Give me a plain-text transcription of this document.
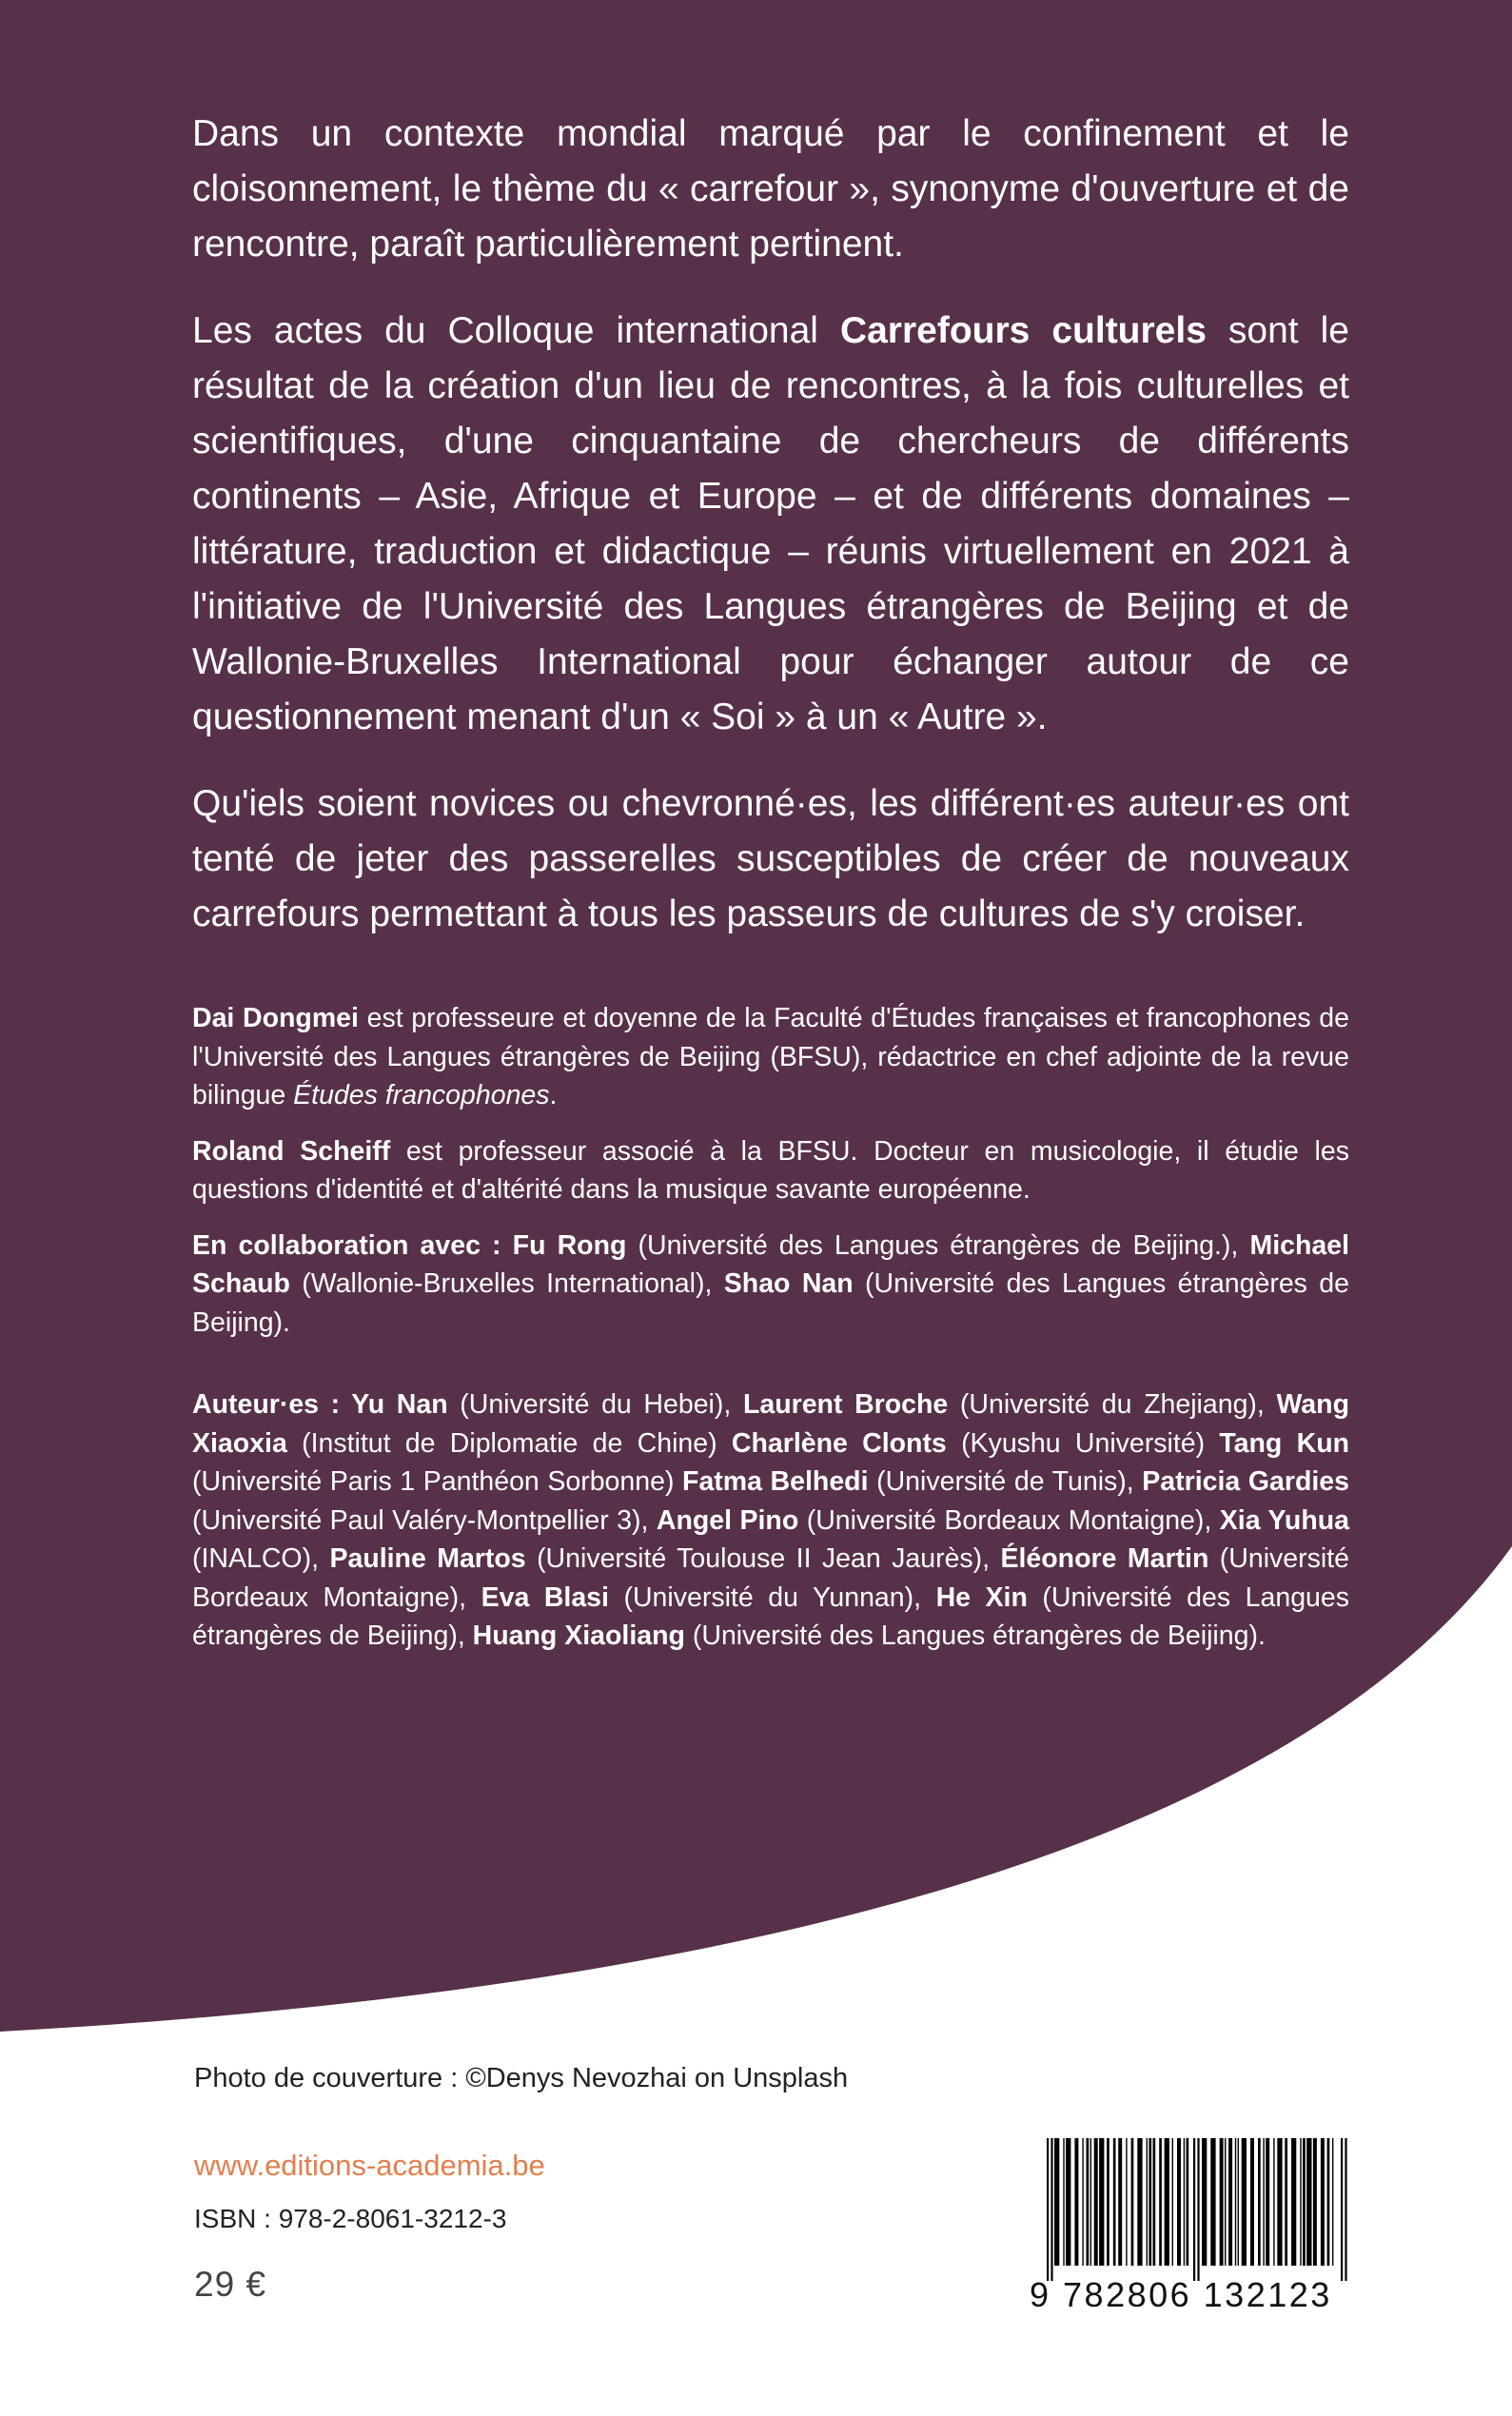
Dans un contexte mondial marqué par le confinement et le cloisonnement, le thème du « carrefour », synonyme d'ouverture et de rencontre, paraît particulièrement pertinent.

Les actes du Colloque international Carrefours culturels sont le résultat de la création d'un lieu de rencontres, à la fois culturelles et scientifiques, d'une cinquantaine de chercheurs de différents continents – Asie, Afrique et Europe – et de différents domaines – littérature, traduction et didactique – réunis virtuellement en 2021 à l'initiative de l'Université des Langues étrangères de Beijing et de Wallonie-Bruxelles International pour échanger autour de ce questionnement menant d'un « Soi » à un « Autre ».

Qu'iels soient novices ou chevronné·es, les différent·es auteur·es ont tenté de jeter des passerelles susceptibles de créer de nouveaux carrefours permettant à tous les passeurs de cultures de s'y croiser.

Dai Dongmei est professeure et doyenne de la Faculté d'Études françaises et francophones de l'Université des Langues étrangères de Beijing (BFSU), rédactrice en chef adjointe de la revue bilingue Études francophones.

Roland Scheiff est professeur associé à la BFSU. Docteur en musicologie, il étudie les questions d'identité et d'altérité dans la musique savante européenne.

En collaboration avec : Fu Rong (Université des Langues étrangères de Beijing.), Michael Schaub (Wallonie-Bruxelles International), Shao Nan (Université des Langues étrangères de Beijing).

Auteur·es : Yu Nan (Université du Hebei), Laurent Broche (Université du Zhejiang), Wang Xiaoxia (Institut de Diplomatie de Chine) Charlène Clonts (Kyushu Université) Tang Kun (Université Paris 1 Panthéon Sorbonne) Fatma Belhedi (Université de Tunis), Patricia Gardies (Université Paul Valéry-Montpellier 3), Angel Pino (Université Bordeaux Montaigne), Xia Yuhua (INALCO), Pauline Martos (Université Toulouse II Jean Jaurès), Éléonore Martin (Université Bordeaux Montaigne), Eva Blasi (Université du Yunnan), He Xin (Université des Langues étrangères de Beijing), Huang Xiaoliang (Université des Langues étrangères de Beijing).

Photo de couverture : ©Denys Nevozhai on Unsplash
www.editions-academia.be
ISBN : 978-2-8061-3212-3
29 €	9 782806 132123
